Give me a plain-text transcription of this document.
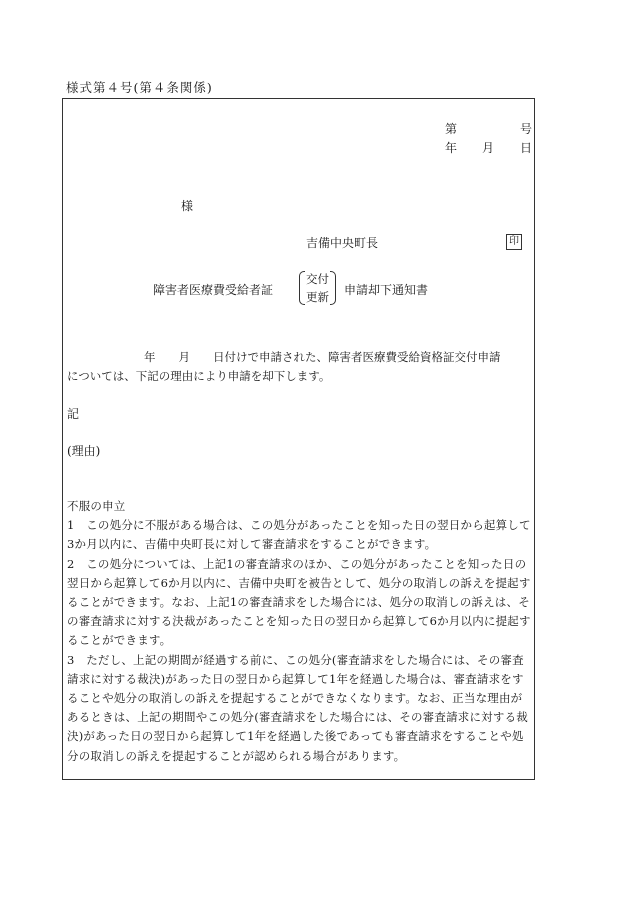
様式第４号(第４条関係)
第	号
年 月 日
様
吉備中央町長	印
障害者医療費受給者証
交付
更新 申請却下通知書
年　　月　　日付けで申請された、障害者医療費受給資格証交付申請
については、下記の理由により申請を却下します。
記
(理由)

不服の申立

1　この処分に不服がある場合は、この処分があったことを知った日の翌日から起算して3か月以内に、吉備中央町長に対して審査請求をすることができます。

2　この処分については、上記1の審査請求のほか、この処分があったことを知った日の翌日から起算して6か月以内に、吉備中央町を被告として、処分の取消しの訴えを提起することができます。なお、上記1の審査請求をした場合には、処分の取消しの訴えは、その審査請求に対する決裁があったことを知った日の翌日から起算して6か月以内に提起することができます。

3　ただし、上記の期間が経過する前に、この処分(審査請求をした場合には、その審査請求に対する裁決)があった日の翌日から起算して1年を経過した場合は、審査請求をすることや処分の取消しの訴えを提起することができなくなります。なお、正当な理由があるときは、上記の期間やこの処分(審査請求をした場合には、その審査請求に対する裁決)があった日の翌日から起算して1年を経過した後であっても審査請求をすることや処分の取消しの訴えを提起することが認められる場合があります。
